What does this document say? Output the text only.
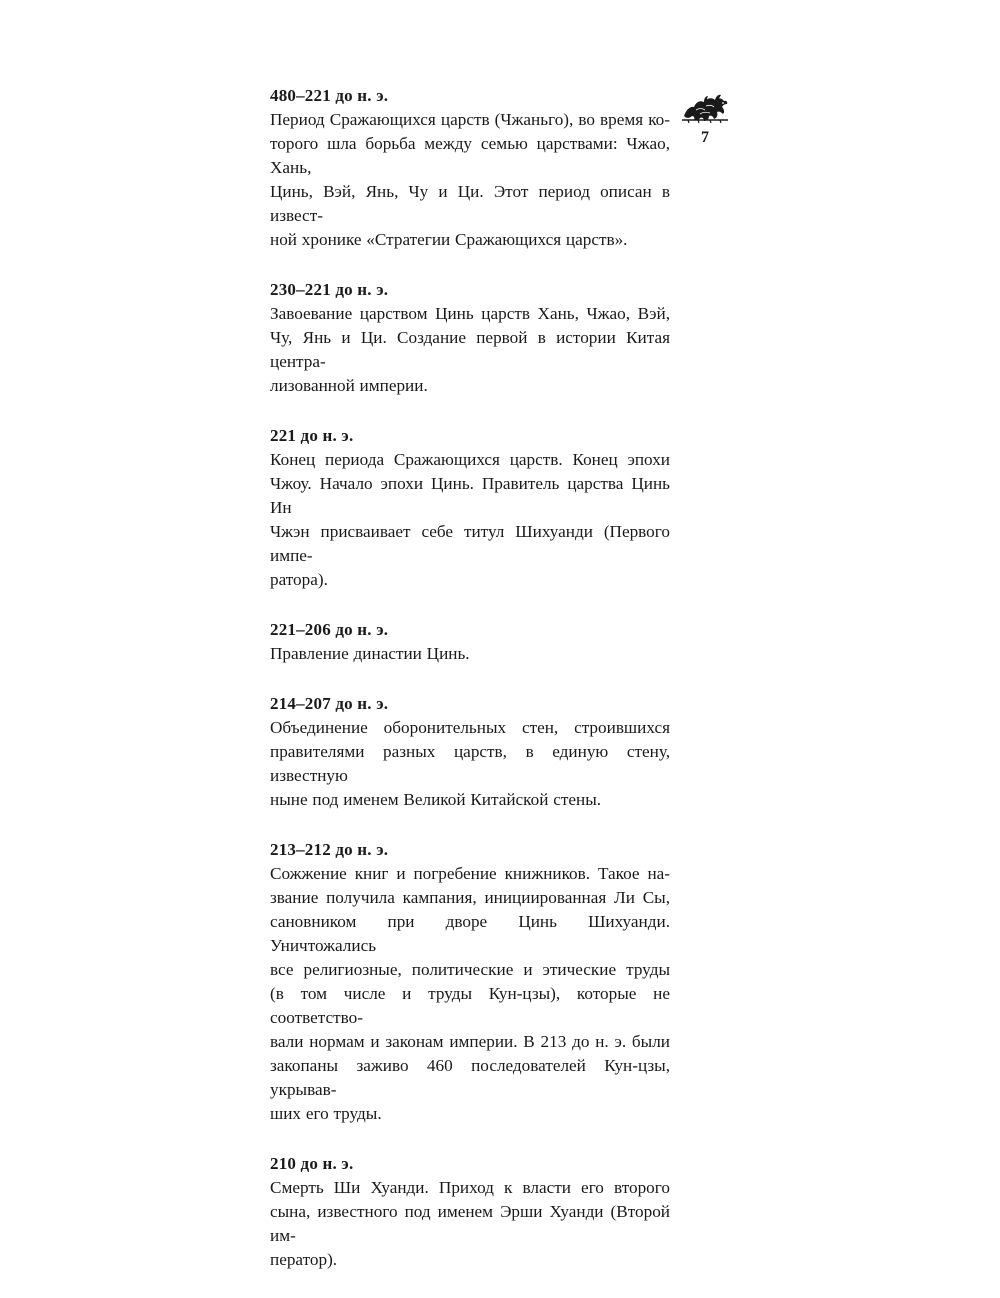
7

480–221 до н. э.

Период Сражающихся царств (Чжаньго), во время ко-
торого шла борьба между семью царствами: Чжао, Хань,
Цинь, Вэй, Янь, Чу и Ци. Этот период описан в извест-
ной хронике «Стратегии Сражающихся царств».

230–221 до н. э.

Завоевание царством Цинь царств Хань, Чжао, Вэй,
Чу, Янь и Ци. Создание первой в истории Китая центра-
лизованной империи.

221 до н. э.

Конец периода Сражающихся царств. Конец эпохи
Чжоу. Начало эпохи Цинь. Правитель царства Цинь Ин
Чжэн присваивает себе титул Шихуанди (Первого импе-
ратора).

221–206 до н. э.

Правление династии Цинь.

214–207 до н. э.

Объединение оборонительных стен, строившихся
правителями разных царств, в единую стену, известную
ныне под именем Великой Китайской стены.

213–212 до н. э.

Сожжение книг и погребение книжников. Такое на-
звание получила кампания, инициированная Ли Сы,
сановником при дворе Цинь Шихуанди. Уничтожались
все религиозные, политические и этические труды
(в том числе и труды Кун-цзы), которые не соответство-
вали нормам и законам империи. В 213 до н. э. были
закопаны заживо 460 последователей Кун-цзы, укрывав-
ших его труды.

210 до н. э.

Смерть Ши Хуанди. Приход к власти его второго
сына, известного под именем Эрши Хуанди (Второй им-
ператор).
